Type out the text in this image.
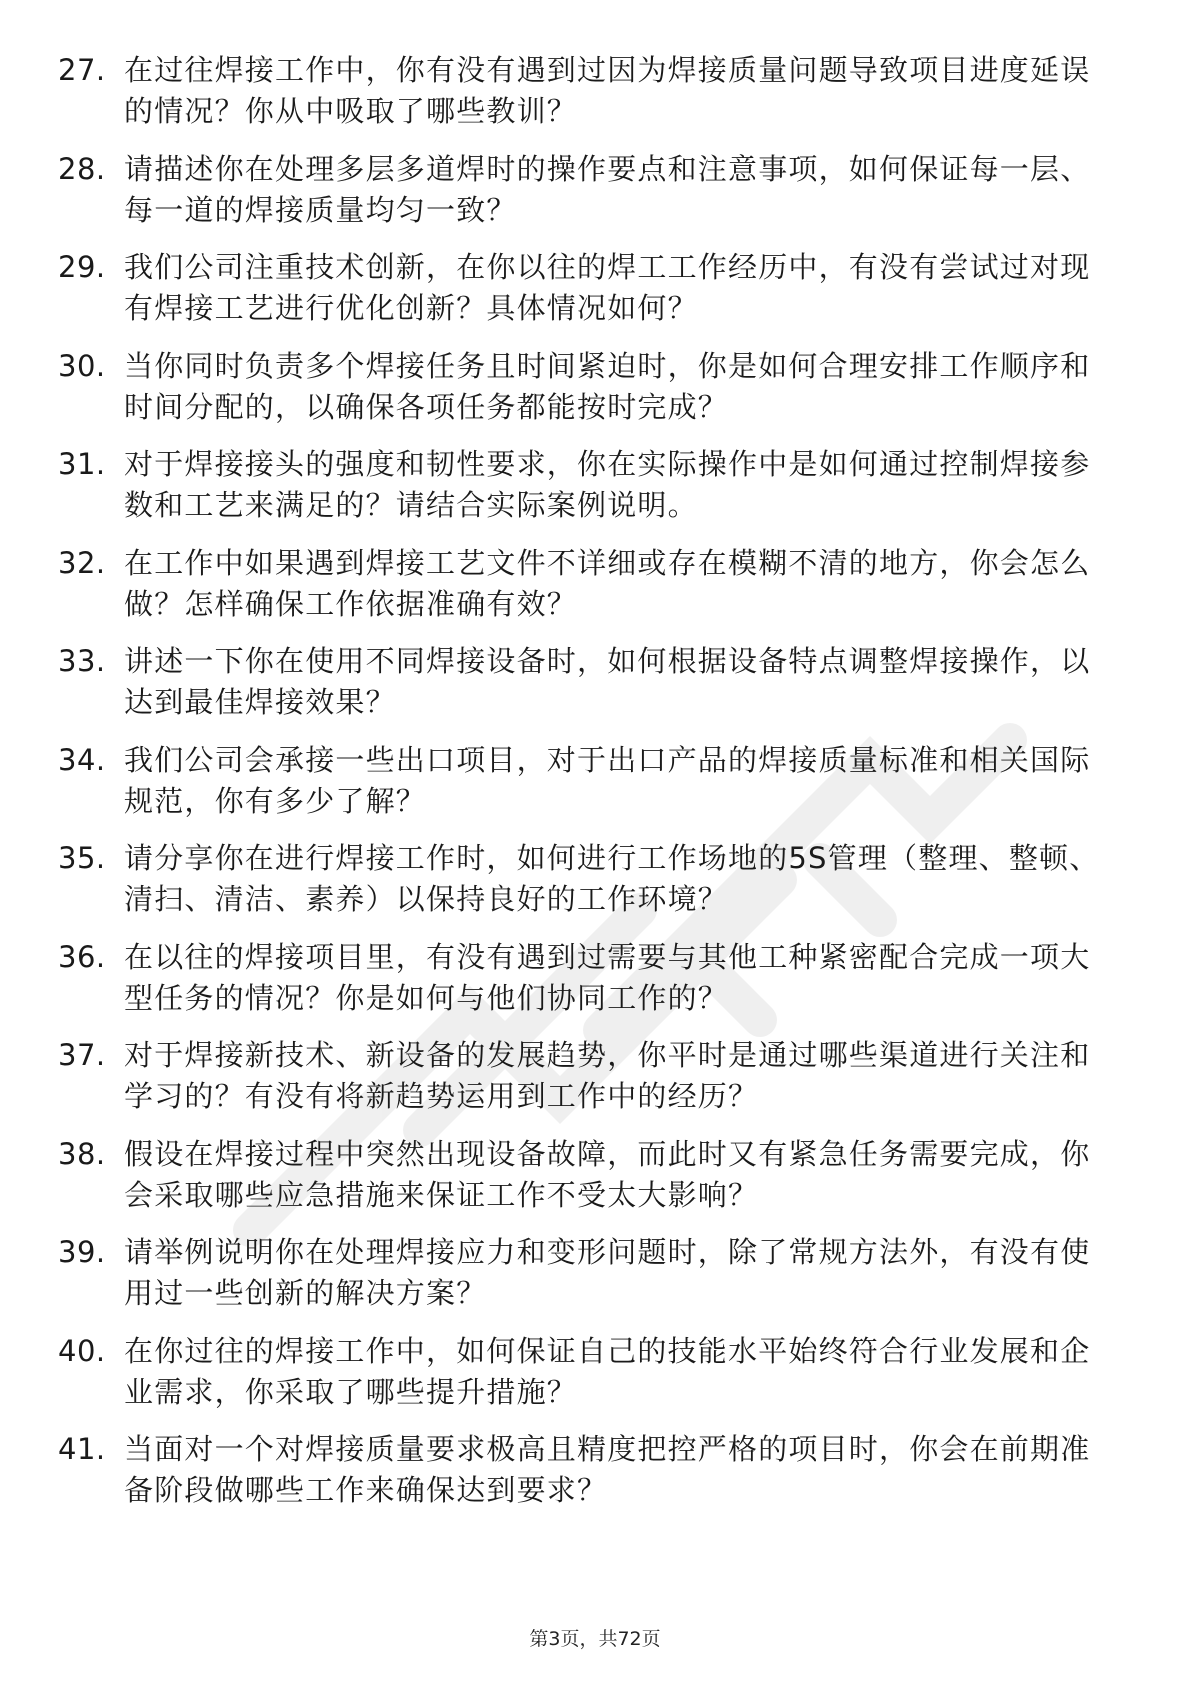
27. 在过往焊接工作中，你有没有遇到过因为焊接质量问题导致项目进度延误的情况？你从中吸取了哪些教训？
28. 请描述你在处理多层多道焊时的操作要点和注意事项，如何保证每一层、每一道的焊接质量均匀一致？
29. 我们公司注重技术创新，在你以往的焊工工作经历中，有没有尝试过对现有焊接工艺进行优化创新？具体情况如何？
30. 当你同时负责多个焊接任务且时间紧迫时，你是如何合理安排工作顺序和时间分配的，以确保各项任务都能按时完成？
31. 对于焊接接头的强度和韧性要求，你在实际操作中是如何通过控制焊接参数和工艺来满足的？请结合实际案例说明。
32. 在工作中如果遇到焊接工艺文件不详细或存在模糊不清的地方，你会怎么做？怎样确保工作依据准确有效？
33. 讲述一下你在使用不同焊接设备时，如何根据设备特点调整焊接操作，以达到最佳焊接效果？
34. 我们公司会承接一些出口项目，对于出口产品的焊接质量标准和相关国际规范，你有多少了解？
35. 请分享你在进行焊接工作时，如何进行工作场地的5S管理（整理、整顿、清扫、清洁、素养）以保持良好的工作环境？
36. 在以往的焊接项目里，有没有遇到过需要与其他工种紧密配合完成一项大型任务的情况？你是如何与他们协同工作的？
37. 对于焊接新技术、新设备的发展趋势，你平时是通过哪些渠道进行关注和学习的？有没有将新趋势运用到工作中的经历？
38. 假设在焊接过程中突然出现设备故障，而此时又有紧急任务需要完成，你会采取哪些应急措施来保证工作不受太大影响？
39. 请举例说明你在处理焊接应力和变形问题时，除了常规方法外，有没有使用过一些创新的解决方案？
40. 在你过往的焊接工作中，如何保证自己的技能水平始终符合行业发展和企业需求，你采取了哪些提升措施？
41. 当面对一个对焊接质量要求极高且精度把控严格的项目时，你会在前期准备阶段做哪些工作来确保达到要求？
第3页，共72页
